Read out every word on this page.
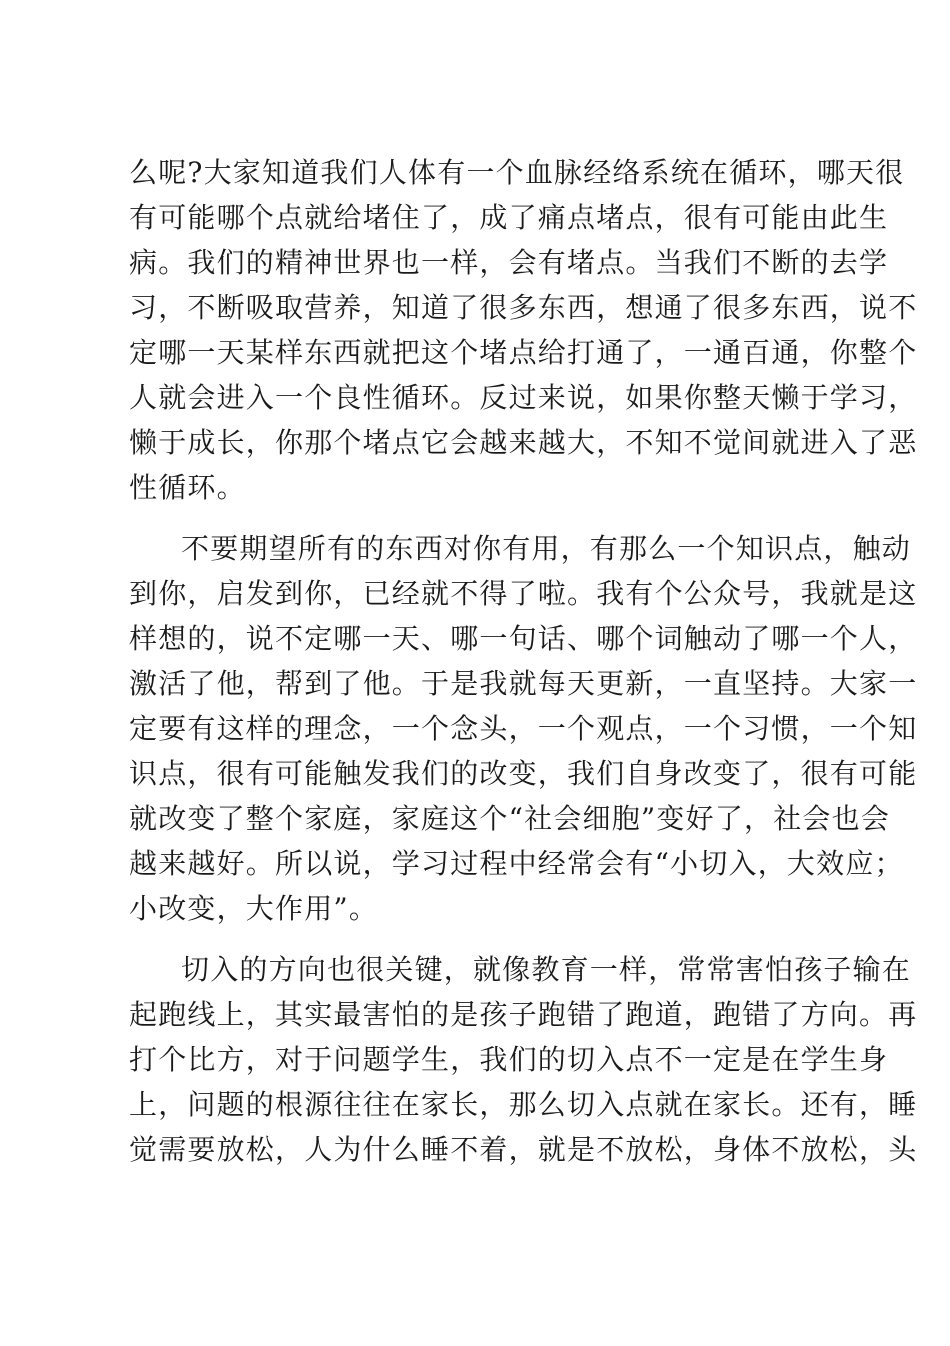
么呢?大家知道我们人体有一个血脉经络系统在循环，哪天很
有可能哪个点就给堵住了，成了痛点堵点，很有可能由此生
病。我们的精神世界也一样，会有堵点。当我们不断的去学
习，不断吸取营养，知道了很多东西，想通了很多东西，说不
定哪一天某样东西就把这个堵点给打通了，一通百通，你整个
人就会进入一个良性循环。反过来说，如果你整天懒于学习，
懒于成长，你那个堵点它会越来越大，不知不觉间就进入了恶
性循环。
不要期望所有的东西对你有用，有那么一个知识点，触动
到你，启发到你，已经就不得了啦。我有个公众号，我就是这
样想的，说不定哪一天、哪一句话、哪个词触动了哪一个人，
激活了他，帮到了他。于是我就每天更新，一直坚持。大家一
定要有这样的理念，一个念头，一个观点，一个习惯，一个知
识点，很有可能触发我们的改变，我们自身改变了，很有可能
就改变了整个家庭，家庭这个“社会细胞”变好了，社会也会
越来越好。所以说，学习过程中经常会有“小切入，大效应；
小改变，大作用”。
切入的方向也很关键，就像教育一样，常常害怕孩子输在
起跑线上，其实最害怕的是孩子跑错了跑道，跑错了方向。再
打个比方，对于问题学生，我们的切入点不一定是在学生身
上，问题的根源往往在家长，那么切入点就在家长。还有，睡
觉需要放松，人为什么睡不着，就是不放松，身体不放松，头
